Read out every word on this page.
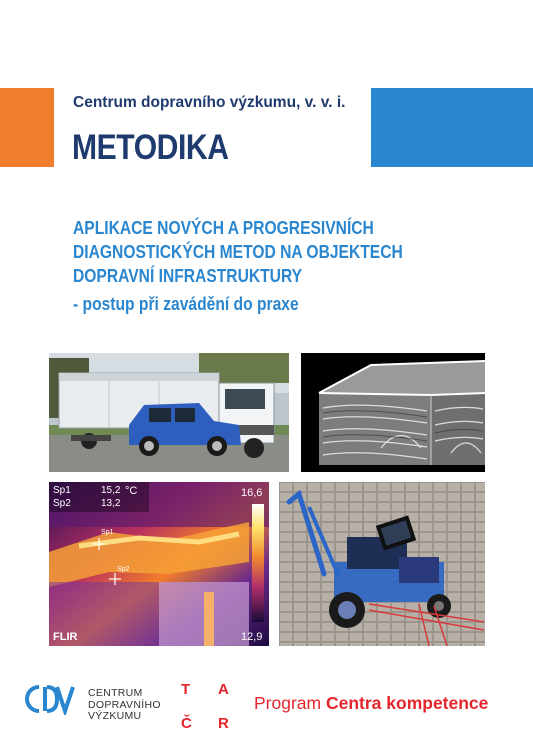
Centrum dopravního výzkumu, v. v. i.
METODIKA
APLIKACE NOVÝCH A PROGRESIVNÍCH
DIAGNOSTICKÝCH METOD NA OBJEKTECH
DOPRAVNÍ INFRASTRUKTURY
- postup při zavádění do praxe
Sp1	15,2
Sp2	13,2
°C	16,6
12,9
Sp1
Sp2
FLIR
CENTRUM
DOPRAVNÍHO
VÝZKUMU
T A
Č R
Program Centra kompetence
